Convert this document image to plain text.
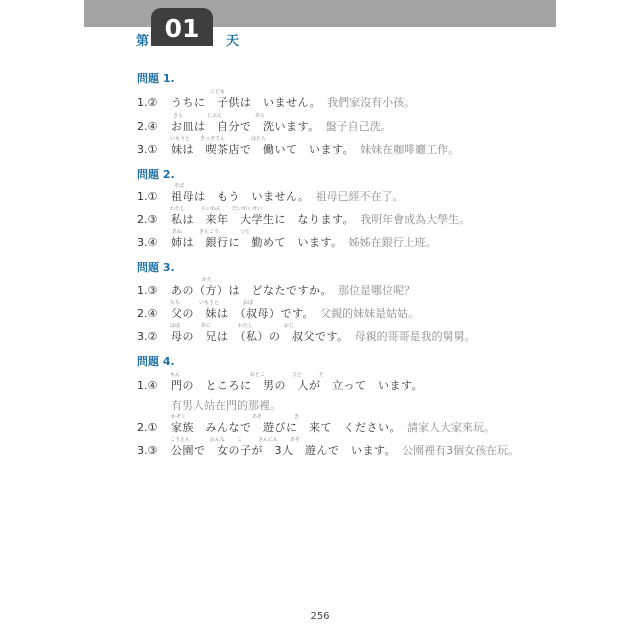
第 01	天
問題 1.
こども
1.② うちに　子供は　いません。 我們家沒有小孩。
さら	じぶん	あら
2.④ お皿は　自分で　洗います。 盤子自己洗。
いもうと きっさてん	はたら
3.① 妹は　喫茶店で　働いて　います。 妹妹在咖啡廳工作。
問題 2.
そぼ
1.① 祖母は　もう　いません。 祖母已經不在了。
わたし	らいねん だいがくせい
2.③ 私は　来年　大学生に　なります。 我明年會成為大學生。
あね	ぎんこう	つと
3.④ 姉は　銀行に　勤めて　います。 姊姊在銀行上班。
問題 3.
かた
1.③ あの（方）は　どなたですか。 那位是哪位呢？
ちち	いもうと	おば
2.④ 父の　妹は　（叔母）です。 父親的妹妹是姑姑。
はは	あに	わたし	おじ
3.② 母の　兄は　（私）の　叔父です。 母親的哥哥是我的舅舅。
問題 4.
もん	おとこ	ひと	た
1.④ 門の　ところに　男の　人が　立って　います。
有男人站在門的那裡。
かぞく	あそ	き
2.① 家族　みんなで　遊びに　来て　ください。 請家人大家來玩。
こうえん	おんな こ	さんにん あそ
3.③ 公園で　女の子が　3人　遊んで　います。 公園裡有3個女孩在玩。
256
